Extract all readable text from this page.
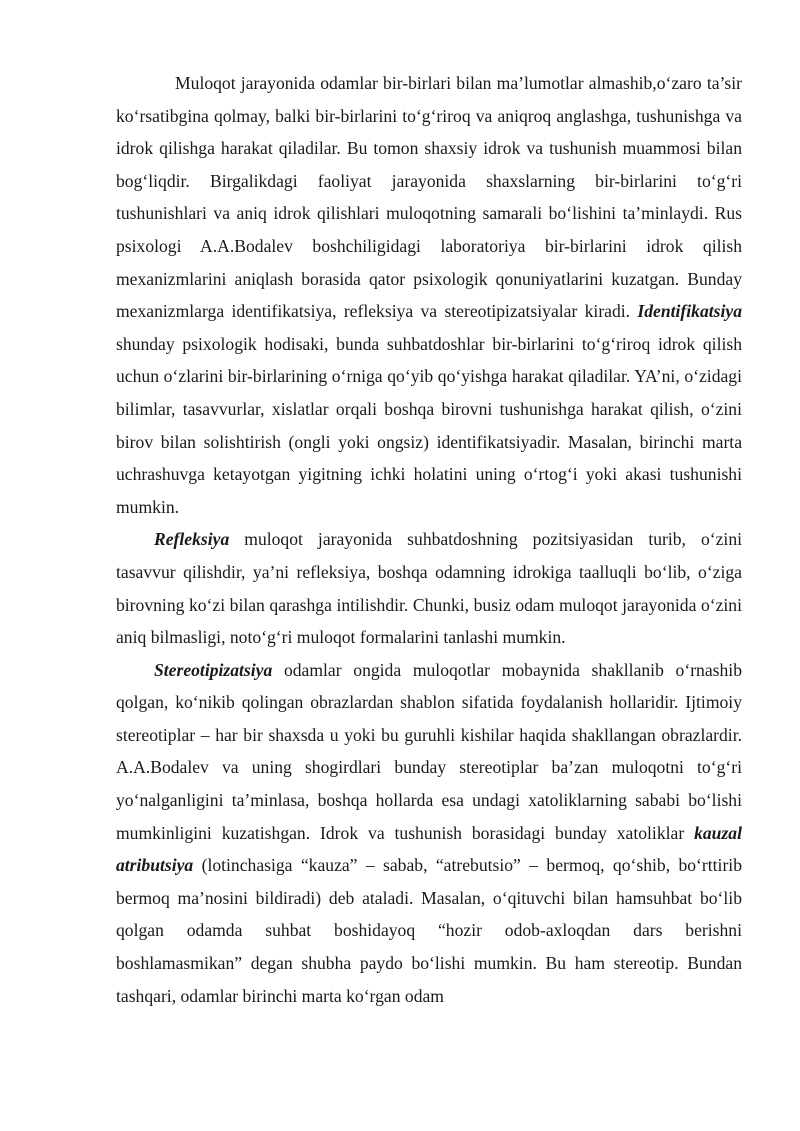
Muloqot jarayonida odamlar bir-birlari bilan ma’lumotlar almashib,o‘zaro ta’sir ko‘rsatibgina qolmay, balki bir-birlarini to‘g‘riroq va aniqroq anglashga, tushunishga va idrok qilishga harakat qiladilar. Bu tomon shaxsiy idrok va tushunish muammosi bilan bog‘liqdir. Birgalikdagi faoliyat jarayonida shaxslarning bir-birlarini to‘g‘ri tushunishlari va aniq idrok qilishlari muloqotning samarali bo‘lishini ta’minlaydi. Rus psixologi A.A.Bodalev boshchiligidagi laboratoriya bir-birlarini idrok qilish mexanizmlarini aniqlash borasida qator psixologik qonuniyatlarini kuzatgan. Bunday mexanizmlarga identifikatsiya, refleksiya va stereotipizatsiyalar kiradi. Identifikatsiya shunday psixologik hodisaki, bunda suhbatdoshlar bir-birlarini to‘g‘riroq idrok qilish uchun o‘zlarini bir-birlarining o‘rniga qo‘yib qo‘yishga harakat qiladilar. YA’ni, o‘zidagi bilimlar, tasavvurlar, xislatlar orqali boshqa birovni tushunishga harakat qilish, o‘zini birov bilan solishtirish (ongli yoki ongsiz) identifikatsiyadir. Masalan, birinchi marta uchrashuvga ketayotgan yigitning ichki holatini uning o‘rtog‘i yoki akasi tushunishi mumkin.

Refleksiya muloqot jarayonida suhbatdoshning pozitsiyasidan turib, o‘zini tasavvur qilishdir, ya’ni refleksiya, boshqa odamning idrokiga taalluqli bo‘lib, o‘ziga birovning ko‘zi bilan qarashga intilishdir. Chunki, busiz odam muloqot jarayonida o‘zini aniq bilmasligi, noto‘g‘ri muloqot formalarini tanlashi mumkin.

Stereotipizatsiya odamlar ongida muloqotlar mobaynida shakllanib o‘rnashib qolgan, ko‘nikib qolingan obrazlardan shablon sifatida foydalanish hollaridir. Ijtimoiy stereotiplar – har bir shaxsda u yoki bu guruhli kishilar haqida shakllangan obrazlardir. A.A.Bodalev va uning shogirdlari bunday stereotiplar ba’zan muloqotni to‘g‘ri yo‘nalganligini ta’minlasa, boshqa hollarda esa undagi xatoliklarning sababi bo‘lishi mumkinligini kuzatishgan. Idrok va tushunish borasidagi bunday xatoliklar kauzal atributsiya (lotinchasiga “kauza” – sabab, “atrebutsio” – bermoq, qo‘shib, bo‘rttirib bermoq ma’nosini bildiradi) deb ataladi. Masalan, o‘qituvchi bilan hamsuhbat bo‘lib qolgan odamda suhbat boshidayoq “hozir odob-axloqdan dars berishni boshlamasmikan” degan shubha paydo bo‘lishi mumkin. Bu ham stereotip. Bundan tashqari, odamlar birinchi marta ko‘rgan odam
